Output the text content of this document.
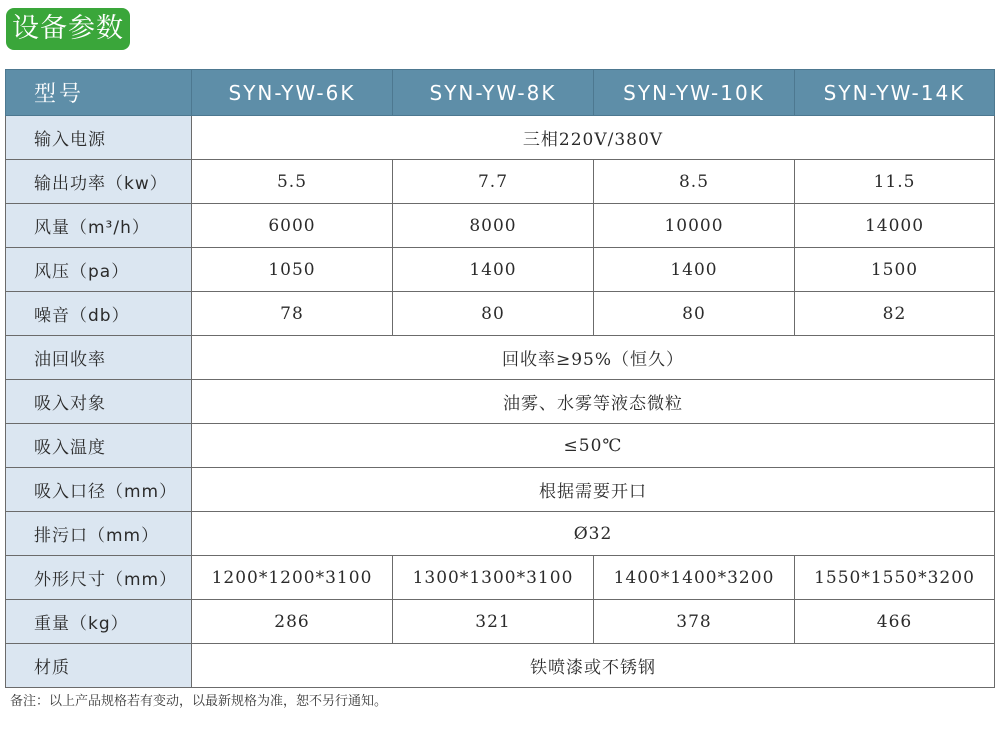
设备参数
型号	SYN-YW-6K	SYN-YW-8K	SYN-YW-10K	SYN-YW-14K
输入电源	三相220V/380V			
输出功率（kw）	5.5	7.7	8.5	11.5
风量（m³/h）	6000	8000	10000	14000
风压（pa）	1050	1400	1400	1500
噪音（db）	78	80	80	82
油回收率	回收率≥95%（恒久）			
吸入对象	油雾、水雾等液态微粒			
吸入温度	≤50℃			
吸入口径（mm）	根据需要开口			
排污口（mm）	Ø32			
外形尺寸（mm）	1200*1200*3100	1300*1300*3100	1400*1400*3200	1550*1550*3200
重量（kg）	286	321	378	466
材质	铁喷漆或不锈钢			
备注：以上产品规格若有变动，以最新规格为准，恕不另行通知。
